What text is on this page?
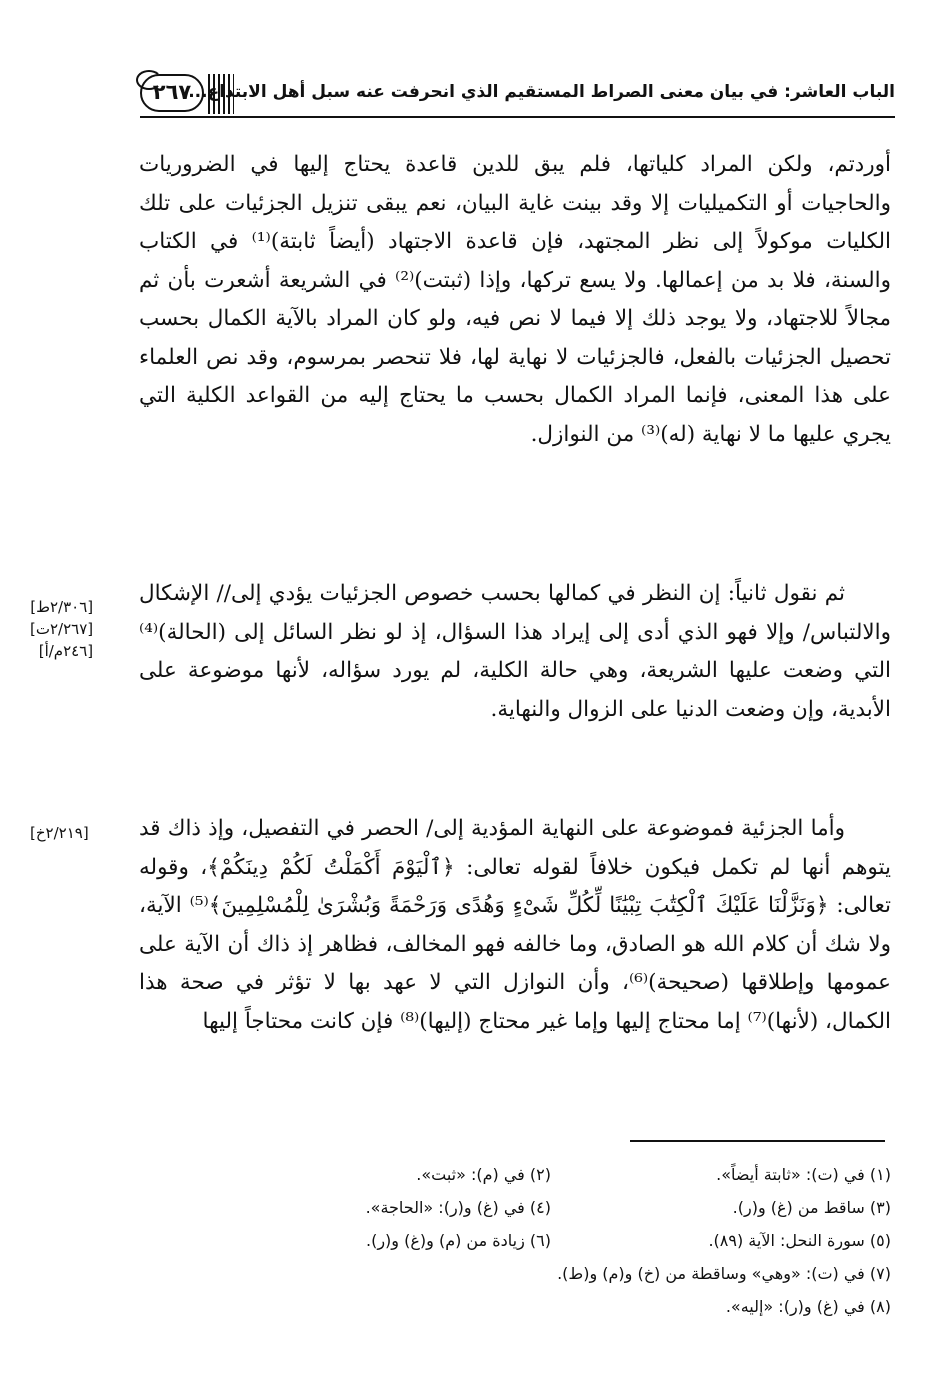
٢٦٧
الباب العاشر: في بيان معنى الصراط المستقيم الذي انحرفت عنه سبل أهل الابتداع...

أوردتم، ولكن المراد كلياتها، فلم يبق للدين قاعدة يحتاج إليها في الضروريات والحاجيات أو التكميليات إلا وقد بينت غاية البيان، نعم يبقى تنزيل الجزئيات على تلك الكليات موكولاً إلى نظر المجتهد، فإن قاعدة الاجتهاد (أيضاً ثابتة)⁽¹⁾ في الكتاب والسنة، فلا بد من إعمالها. ولا يسع تركها، وإذا (ثبتت)⁽²⁾ في الشريعة أشعرت بأن ثم مجالاً للاجتهاد، ولا يوجد ذلك إلا فيما لا نص فيه، ولو كان المراد بالآية الكمال بحسب تحصيل الجزئيات بالفعل، فالجزئيات لا نهاية لها، فلا تنحصر بمرسوم، وقد نص العلماء على هذا المعنى، فإنما المراد الكمال بحسب ما يحتاج إليه من القواعد الكلية التي يجري عليها ما لا نهاية (له)⁽³⁾ من النوازل.

ثم نقول ثانياً: إن النظر في كمالها بحسب خصوص الجزئيات يؤدي إلى// الإشكال والالتباس/ وإلا فهو الذي أدى إلى إيراد هذا السؤال، إذ لو نظر السائل إلى (الحالة)⁽⁴⁾ التي وضعت عليها الشريعة، وهي حالة الكلية، لم يورد سؤاله، لأنها موضوعة على الأبدية، وإن وضعت الدنيا على الزوال والنهاية.

وأما الجزئية فموضوعة على النهاية المؤدية إلى/ الحصر في التفصيل، وإذ ذاك قد يتوهم أنها لم تكمل فيكون خلافاً لقوله تعالى: ﴿ٱلْيَوْمَ أَكْمَلْتُ لَكُمْ دِينَكُمْ﴾، وقوله تعالى: ﴿وَنَزَّلْنَا عَلَيْكَ ٱلْكِتَٰبَ تِبْيَٰنًا لِّكُلِّ شَىْءٍ وَهُدًى وَرَحْمَةً وَبُشْرَىٰ لِلْمُسْلِمِينَ﴾⁽⁵⁾ الآية، ولا شك أن كلام الله هو الصادق، وما خالفه فهو المخالف، فظاهر إذ ذاك أن الآية على عمومها وإطلاقها (صحيحة)⁽⁶⁾، وأن النوازل التي لا عهد بها لا تؤثر في صحة هذا الكمال، (لأنها)⁽⁷⁾ إما محتاج إليها وإما غير محتاج (إليها)⁽⁸⁾ فإن كانت محتاجاً إليها

[٢/٣٠٦ط]
[٢/٢٦٧ت]
[٢٤٦م/أ]
[٢/٢١٩خ]
(١) في (ت): «ثابتة أيضاً».
(٢) في (م): «ثبت».
(٣) ساقط من (غ) و(ر).
(٤) في (غ) و(ر): «الحاجة».
(٥) سورة النحل: الآية (٨٩).
(٦) زيادة من (م) و(غ) و(ر).
(٧) في (ت): «وهي» وساقطة من (خ) و(م) و(ط).
(٨) في (غ) و(ر): «إليه».
